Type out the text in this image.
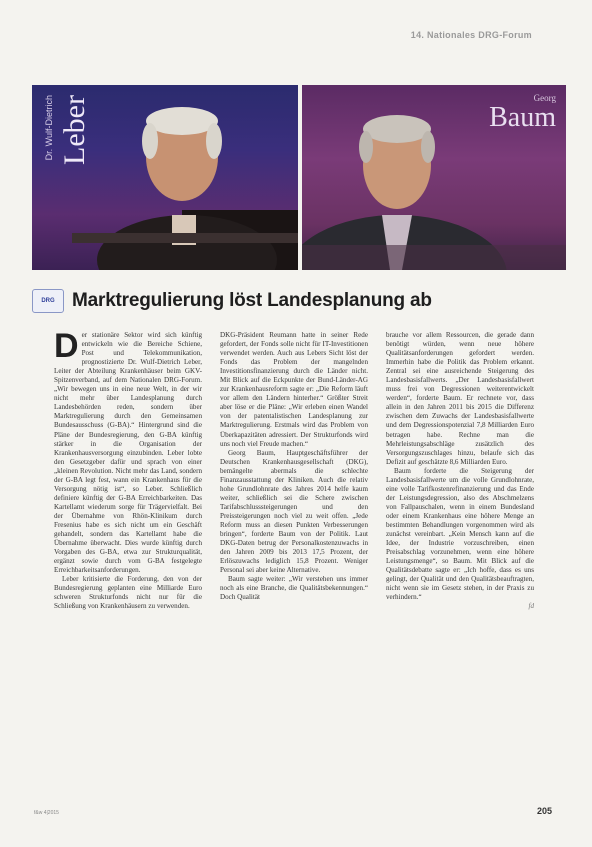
14. Nationales DRG-Forum
Dr. Wulf-Dietrich Leber	Georg
Baum
DRG Marktregulierung löst Landesplanung ab
D er stationäre Sektor wird sich künftig entwickeln wie die Bereiche Schiene, Post und Telekommunikation, prognostizierte Dr. Wulf-Dietrich Leber, Leiter der Abteilung Krankenhäuser beim GKV-Spitzenverband, auf dem Nationalen DRG-Forum. „Wir bewegen uns in eine neue Welt, in der wir nicht mehr über Landesplanung durch Landesbehörden reden, sondern über Marktregulierung durch den Gemeinsamen Bundesausschuss (G-BA).“ Hintergrund sind die Pläne der Bundesregierung, den G-BA künftig stärker in die Organisation der Krankenhausversorgung einzubinden. Leber lobte den Gesetzgeber dafür und sprach von einer „kleinen Revolution. Nicht mehr das Land, sondern der G-BA legt fest, wann ein Krankenhaus für die Versorgung nötig ist“, so Leber. Schließlich definiere künftig der G-BA Erreichbarkeiten. Das Kartellamt wiederum sorge für Trägervielfalt. Bei der Übernahme von Rhön-Klinikum durch Fresenius habe es sich nicht um ein Geschäft gehandelt, sondern das Kartellamt habe die Übernahme überwacht. Dies wurde künftig durch Vorgaben des G-BA, etwa zur Strukturqualität, ergänzt sowie durch vom G-BA festgelegte Erreichbarkeitsanforderungen.

Leber kritisierte die Forderung, den von der Bundesregierung geplanten eine Milliarde Euro schweren Strukturfonds nicht nur für die Schließung von Krankenhäusern zu verwenden.

DKG-Präsident Reumann hatte in seiner Rede gefordert, der Fonds solle nicht für IT-Investitionen verwendet werden. Auch aus Lebers Sicht löst der Fonds das Problem der mangelnden Investitionsfinanzierung durch die Länder nicht. Mit Blick auf die Eckpunkte der Bund-Länder-AG zur Krankenhausreform sagte er: „Die Reform läuft vor allem den Ländern hinterher.“ Größter Streit aber löse er die Pläne: „Wir erleben einen Wandel von der patentalistischen Landesplanung zur Marktregulierung. Erstmals wird das Problem von Überkapazitäten adressiert. Der Strukturfonds wird uns noch viel Freude machen.“

Georg Baum, Hauptgeschäftsführer der Deutschen Krankenhausgesellschaft (DKG), bemängelte abermals die schlechte Finanzausstattung der Kliniken. Auch die relativ hohe Grundlohnrate des Jahres 2014 helfe kaum weiter, schließlich sei die Schere zwischen Tarifabschlusssteigerungen und den Preissteigerungen noch viel zu weit offen. „Jede Reform muss an diesen Punkten Verbesserungen bringen“, forderte Baum von der Politik. Laut DKG-Daten betrug der Personalkostenzuwachs in den Jahren 2009 bis 2013 17,5 Prozent, der Erlöszuwachs lediglich 15,8 Prozent. Weniger Personal sei aber keine Alternative.

Baum sagte weiter: „Wir verstehen uns immer noch als eine Branche, die Qualitätsbekennungen.“ Doch Qualität

brauche vor allem Ressourcen, die gerade dann benötigt würden, wenn neue höhere Qualitätsanforderungen gefordert werden. Immerhin habe die Politik das Problem erkannt. Zentral sei eine ausreichende Steigerung des Landesbasisfallwerts. „Der Landesbasisfallwert muss frei von Degressionen weiterentwickelt werden“, forderte Baum. Er rechnete vor, dass allein in den Jahren 2011 bis 2015 die Differenz zwischen dem Zuwachs der Landesbasisfallwerte und dem Degressionspotenzial 7,8 Milliarden Euro betragen habe. Rechne man die Mehrleistungsabschläge zusätzlich des Versorgungszuschlages hinzu, belaufe sich das Defizit auf geschätzte 8,6 Milliarden Euro.

Baum forderte die Steigerung der Landesbasisfallwerte um die volle Grundlohnrate, eine volle Tarifkostenrefinanzierung und das Ende der Leistungsdegression, also des Abschmelzens von Fallpauschalen, wenn in einem Bundesland oder einem Krankenhaus eine höhere Menge an bestimmten Behandlungen vorgenommen wird als zunächst vereinbart. „Kein Mensch kann auf die Idee, der Industrie vorzuschreiben, einen Preisabschlag vorzunehmen, wenn eine höhere Leistungsmenge“, so Baum. Mit Blick auf die Qualitätsdebatte sagte er: „Ich hoffe, dass es uns gelingt, der Qualität und den Qualitätsbeauftragten, nicht wenn sie im Gesetz stehen, in der Praxis zu verhindern.“

fd

f&w 4|2015	205
